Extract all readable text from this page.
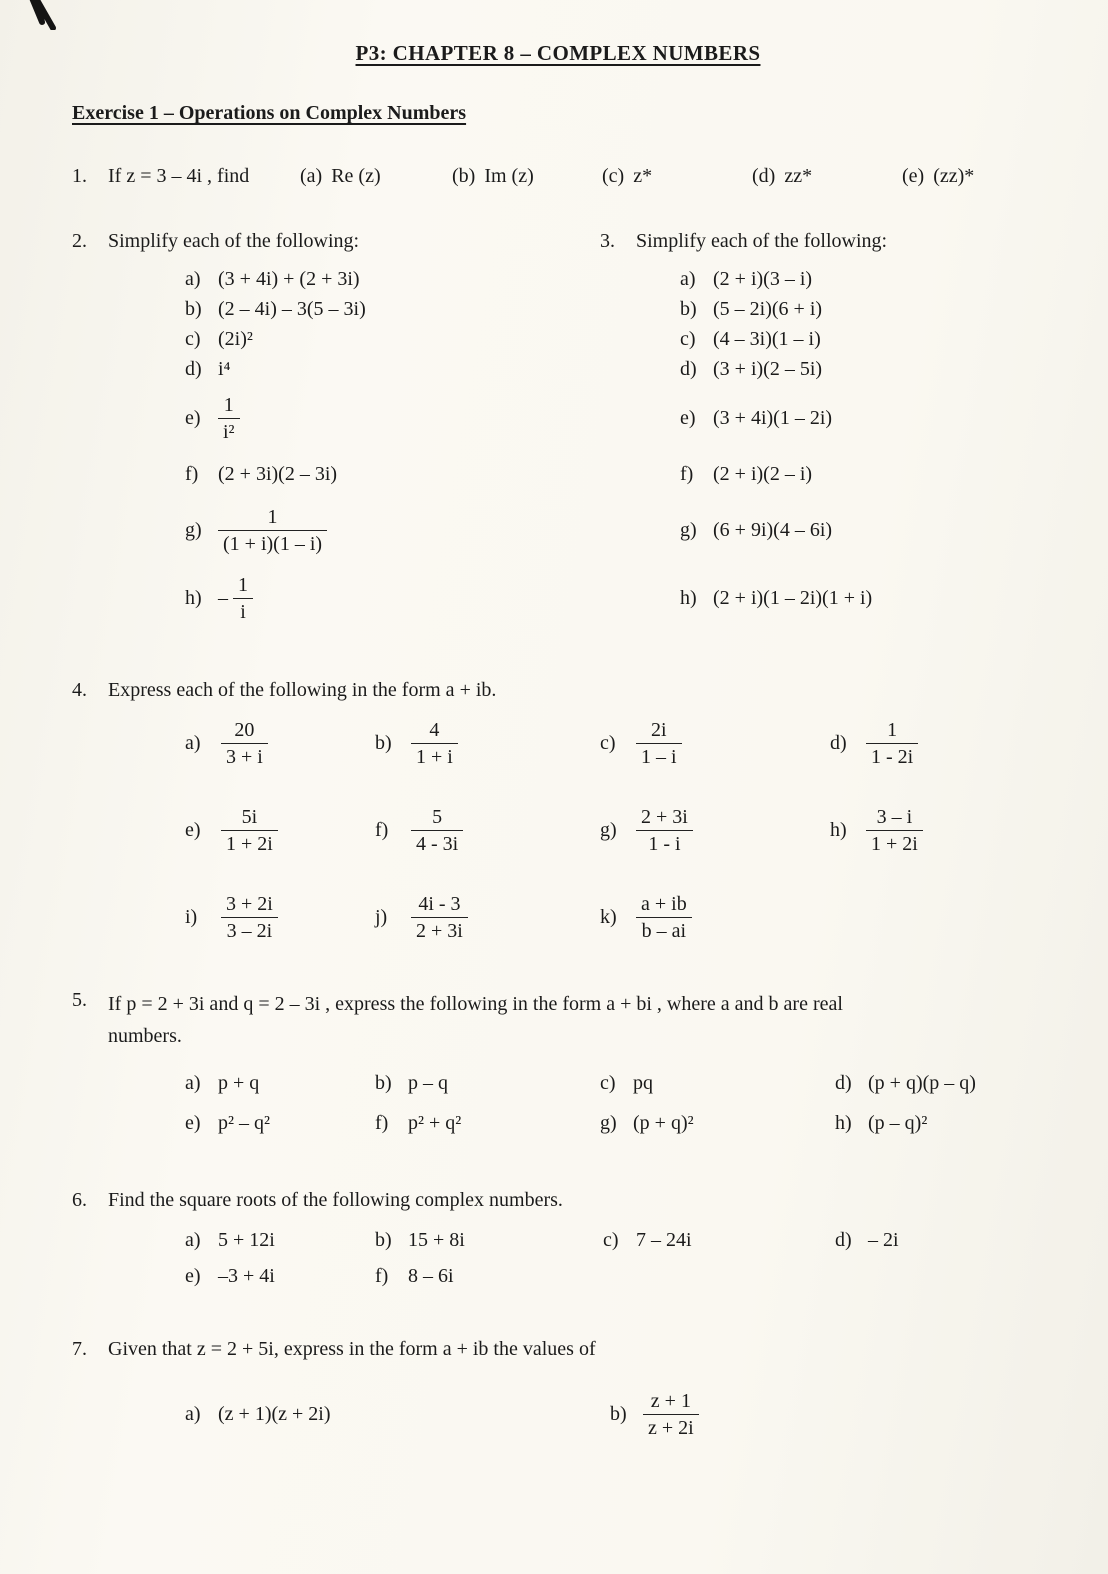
P3: CHAPTER 8 – COMPLEX NUMBERS
Exercise 1 – Operations on Complex Numbers
1.	If z = 3 – 4i , find	(a) Re (z)	(b) Im (z)	(c) z*	(d) zz*	(e) (zz)*
2.	Simplify each of the following:	3.	Simplify each of the following:
a) (3 + 4i) + (2 + 3i)	a) (2 + i)(3 – i)
b) (2 – 4i) – 3(5 – 3i)	b) (5 – 2i)(6 + i)
c) (2i)²	c) (4 – 3i)(1 – i)
d) i⁴	d) (3 + i)(2 – 5i)
$e) \frac{1}{\text{i²}}$	e) (3 + 4i)(1 – 2i)
f) (2 + 3i)(2 – 3i)	f) (2 + i)(2 – i)
$g) \frac{1}{(1 + i)(1 - i)}$	g) (6 + 9i)(4 – 6i)
$h) - \frac{1}{i}$	h) (2 + i)(1 – 2i)(1 + i)
4.	Express each of the following in the form a + ib.
a)	$\frac{20}{3 + i}$	$b) \frac{4}{1 + i}$	c)	$\frac{2i}{1 - i}$	$d) \frac{1}{1 - 2i}$
e)	$\frac{5i}{1 + 2i}$	f)	$\frac{5}{4 - 3i}$	$g) \frac{2 + 3i}{1 - i}$	$h) \frac{3 - i}{1 + 2i}$
i)	$\frac{3 + 2i}{3 - 2i}$	j)	$\frac{4i - 3}{2 + 3i}$	$k) \frac{a + ib}{b - ai}$
5.	If p = 2 + 3i and q = 2 – 3i , express the following in the form a + bi , where a and b are real
numbers.
a) p + q	b) p – q	c) pq	d) (p + q)(p – q)
e) p² – q²	f) p² + q²	g) (p + q)²	h) (p – q)²
6.	Find the square roots of the following complex numbers.
a) 5 + 12i	b) 15 + 8i	c) 7 – 24i	d) – 2i
e) –3 + 4i	f) 8 – 6i
7.	Given that z = 2 + 5i, express in the form a + ib the values of
a) (z + 1)(z + 2i)	$b) \frac{z + 1}{z + 2i}$
